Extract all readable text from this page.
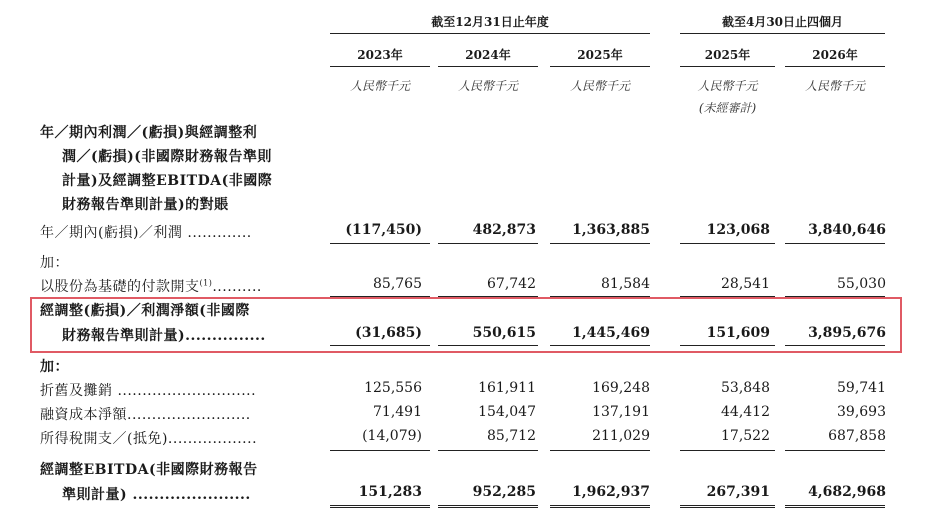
截至12月31日止年度	截至4月30日止四個月
2023年	2024年	2025年	2025年	2026年
人民幣千元	人民幣千元	人民幣千元	人民幣千元	人民幣千元
(未經審計)
年／期內利潤／(虧損)與經調整利
潤／(虧損)(非國際財務報告準則
計量)及經調整EBITDA(非國際
財務報告準則計量)的對賬
年／期內(虧損)／利潤 .............	(117,450)	482,873	1,363,885	123,068	3,840,646
加：
以股份為基礎的付款開支$^{(1)}$..........	85,765	67,742	81,584	28,541	55,030
經調整(虧損)／利潤淨額(非國際
財務報告準則計量)...............	(31,685)	550,615	1,445,469	151,609	3,895,676
加：
折舊及攤銷 ............................	125,556	161,911	169,248	53,848	59,741
融資成本淨額.........................	71,491	154,047	137,191	44,412	39,693
所得稅開支／(抵免)..................	(14,079)	85,712	211,029	17,522	687,858
經調整EBITDA(非國際財務報告
準則計量) ......................	151,283	952,285	1,962,937	267,391	4,682,968
